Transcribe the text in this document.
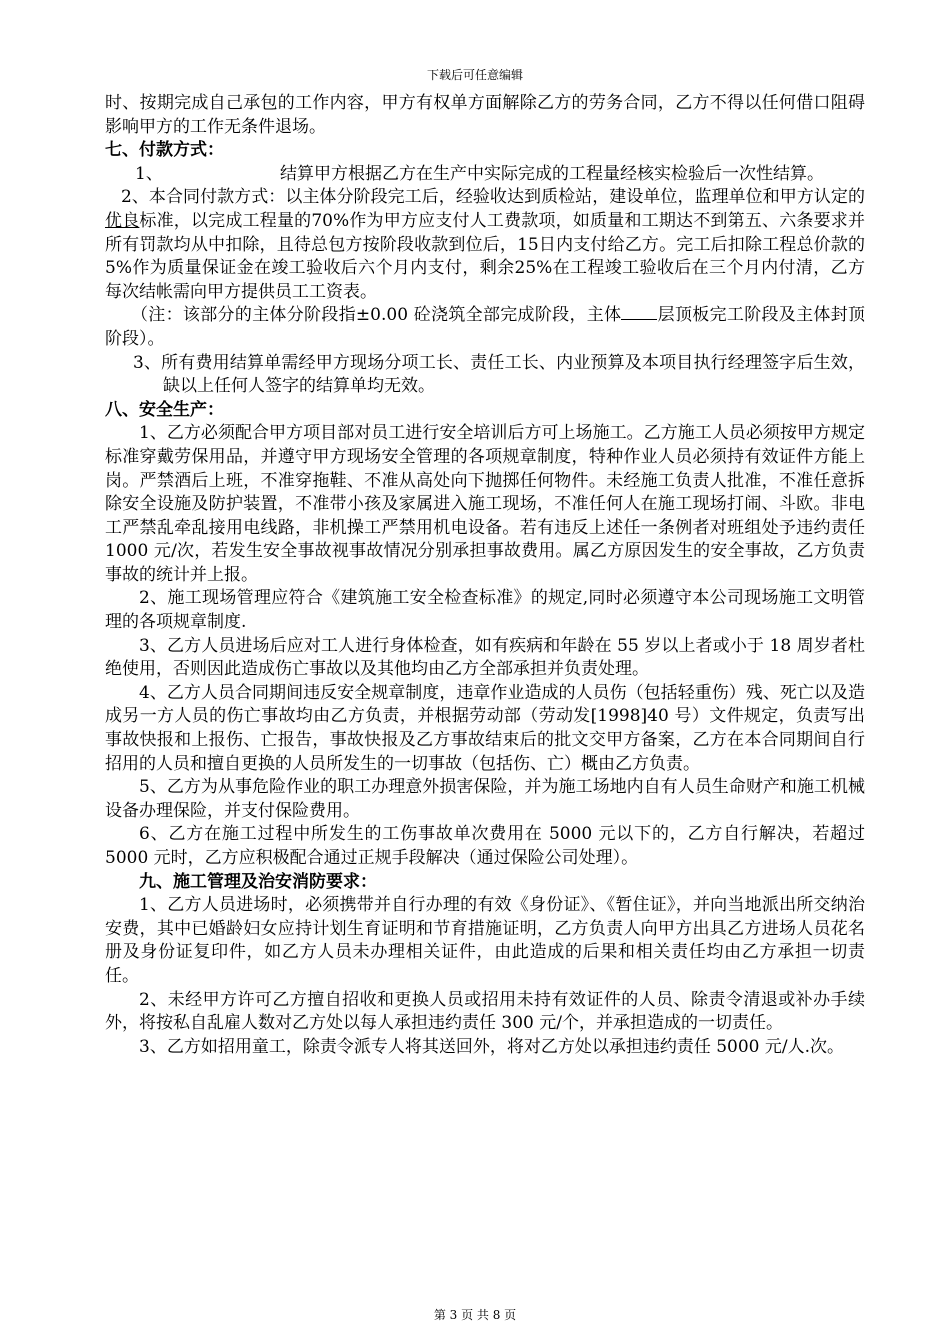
下载后可任意编辑

时、按期完成自己承包的工作内容，甲方有权单方面解除乙方的劳务合同，乙方不得以任何借口阻碍影响甲方的工作无条件退场。

七、付款方式：

1、	结算甲方根据乙方在生产中实际完成的工程量经核实检验后一次性结算。

2、本合同付款方式：以主体分阶段完工后，经验收达到质检站，建设单位，监理单位和甲方认定的优良标准，以完成工程量的70%作为甲方应支付人工费款项，如质量和工期达不到第五、六条要求并所有罚款均从中扣除，且待总包方按阶段收款到位后，15日内支付给乙方。完工后扣除工程总价款的5%作为质量保证金在竣工验收后六个月内支付，剩余25%在工程竣工验收后在三个月内付清，乙方每次结帐需向甲方提供员工工资表。

（注：该部分的主体分阶段指±0.00 砼浇筑全部完成阶段，主体 层顶板完工阶段及主体封顶阶段）。

3、所有费用结算单需经甲方现场分项工长、责任工长、内业预算及本项目执行经理签字后生效，缺以上任何人签字的结算单均无效。

八、安全生产：

1、乙方必须配合甲方项目部对员工进行安全培训后方可上场施工。乙方施工人员必须按甲方规定标准穿戴劳保用品，并遵守甲方现场安全管理的各项规章制度，特种作业人员必须持有效证件方能上岗。严禁酒后上班，不准穿拖鞋、不准从高处向下抛掷任何物件。未经施工负责人批准，不准任意拆除安全设施及防护装置，不准带小孩及家属进入施工现场，不准任何人在施工现场打闹、斗欧。非电工严禁乱牵乱接用电线路，非机操工严禁用机电设备。若有违反上述任一条例者对班组处予违约责任 1000 元/次，若发生安全事故视事故情况分别承担事故费用。属乙方原因发生的安全事故，乙方负责事故的统计并上报。

2、施工现场管理应符合《建筑施工安全检查标准》的规定,同时必须遵守本公司现场施工文明管理的各项规章制度.

3、乙方人员进场后应对工人进行身体检查，如有疾病和年龄在 55 岁以上者或小于 18 周岁者杜绝使用，否则因此造成伤亡事故以及其他均由乙方全部承担并负责处理。

4、乙方人员合同期间违反安全规章制度，违章作业造成的人员伤（包括轻重伤）残、死亡以及造成另一方人员的伤亡事故均由乙方负责，并根据劳动部（劳动发[1998]40 号）文件规定，负责写出事故快报和上报伤、亡报告，事故快报及乙方事故结束后的批文交甲方备案，乙方在本合同期间自行招用的人员和擅自更换的人员所发生的一切事故（包括伤、亡）概由乙方负责。

5、乙方为从事危险作业的职工办理意外损害保险，并为施工场地内自有人员生命财产和施工机械设备办理保险，并支付保险费用。

6、乙方在施工过程中所发生的工伤事故单次费用在 5000 元以下的，乙方自行解决，若超过 5000 元时，乙方应积极配合通过正规手段解决（通过保险公司处理）。

九、施工管理及治安消防要求：

1、乙方人员进场时，必须携带并自行办理的有效《身份证》、《暂住证》，并向当地派出所交纳治安费，其中已婚龄妇女应持计划生育证明和节育措施证明，乙方负责人向甲方出具乙方进场人员花名册及身份证复印件，如乙方人员未办理相关证件，由此造成的后果和相关责任均由乙方承担一切责任。

2、未经甲方许可乙方擅自招收和更换人员或招用未持有效证件的人员、除责令清退或补办手续外，将按私自乱雇人数对乙方处以每人承担违约责任 300 元/个，并承担造成的一切责任。

3、乙方如招用童工，除责令派专人将其送回外，将对乙方处以承担违约责任 5000 元/人.次。

第 3 页 共 8 页
